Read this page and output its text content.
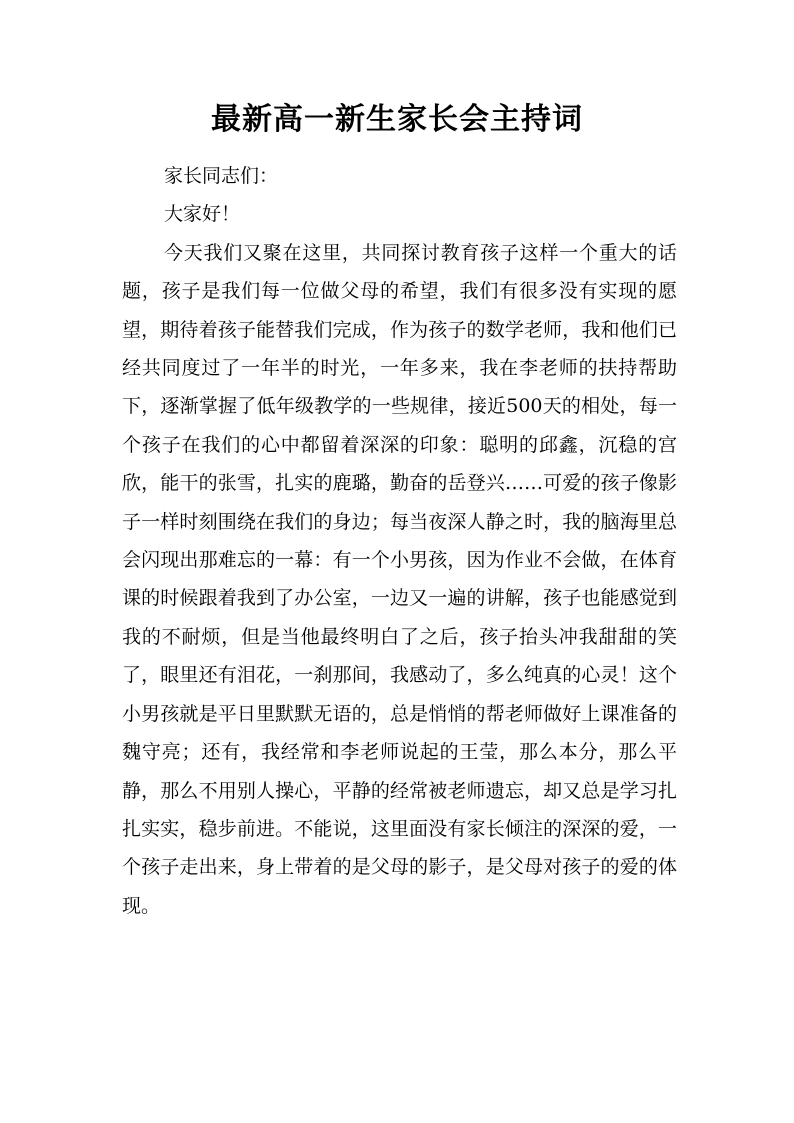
最新高一新生家长会主持词

家长同志们：

大家好！

今天我们又聚在这里，共同探讨教育孩子这样一个重大的话题，孩子是我们每一位做父母的希望，我们有很多没有实现的愿望，期待着孩子能替我们完成，作为孩子的数学老师，我和他们已经共同度过了一年半的时光，一年多来，我在李老师的扶持帮助下，逐渐掌握了低年级教学的一些规律，接近500天的相处，每一个孩子在我们的心中都留着深深的印象：聪明的邱鑫，沉稳的宫欣，能干的张雪，扎实的鹿璐，勤奋的岳登兴……可爱的孩子像影子一样时刻围绕在我们的身边；每当夜深人静之时，我的脑海里总会闪现出那难忘的一幕：有一个小男孩，因为作业不会做，在体育课的时候跟着我到了办公室，一边又一遍的讲解，孩子也能感觉到我的不耐烦，但是当他最终明白了之后，孩子抬头冲我甜甜的笑了，眼里还有泪花，一刹那间，我感动了，多么纯真的心灵！这个小男孩就是平日里默默无语的，总是悄悄的帮老师做好上课准备的魏守亮；还有，我经常和李老师说起的王莹，那么本分，那么平静，那么不用别人操心，平静的经常被老师遗忘，却又总是学习扎扎实实，稳步前进。不能说，这里面没有家长倾注的深深的爱，一个孩子走出来，身上带着的是父母的影子，是父母对孩子的爱的体现。
